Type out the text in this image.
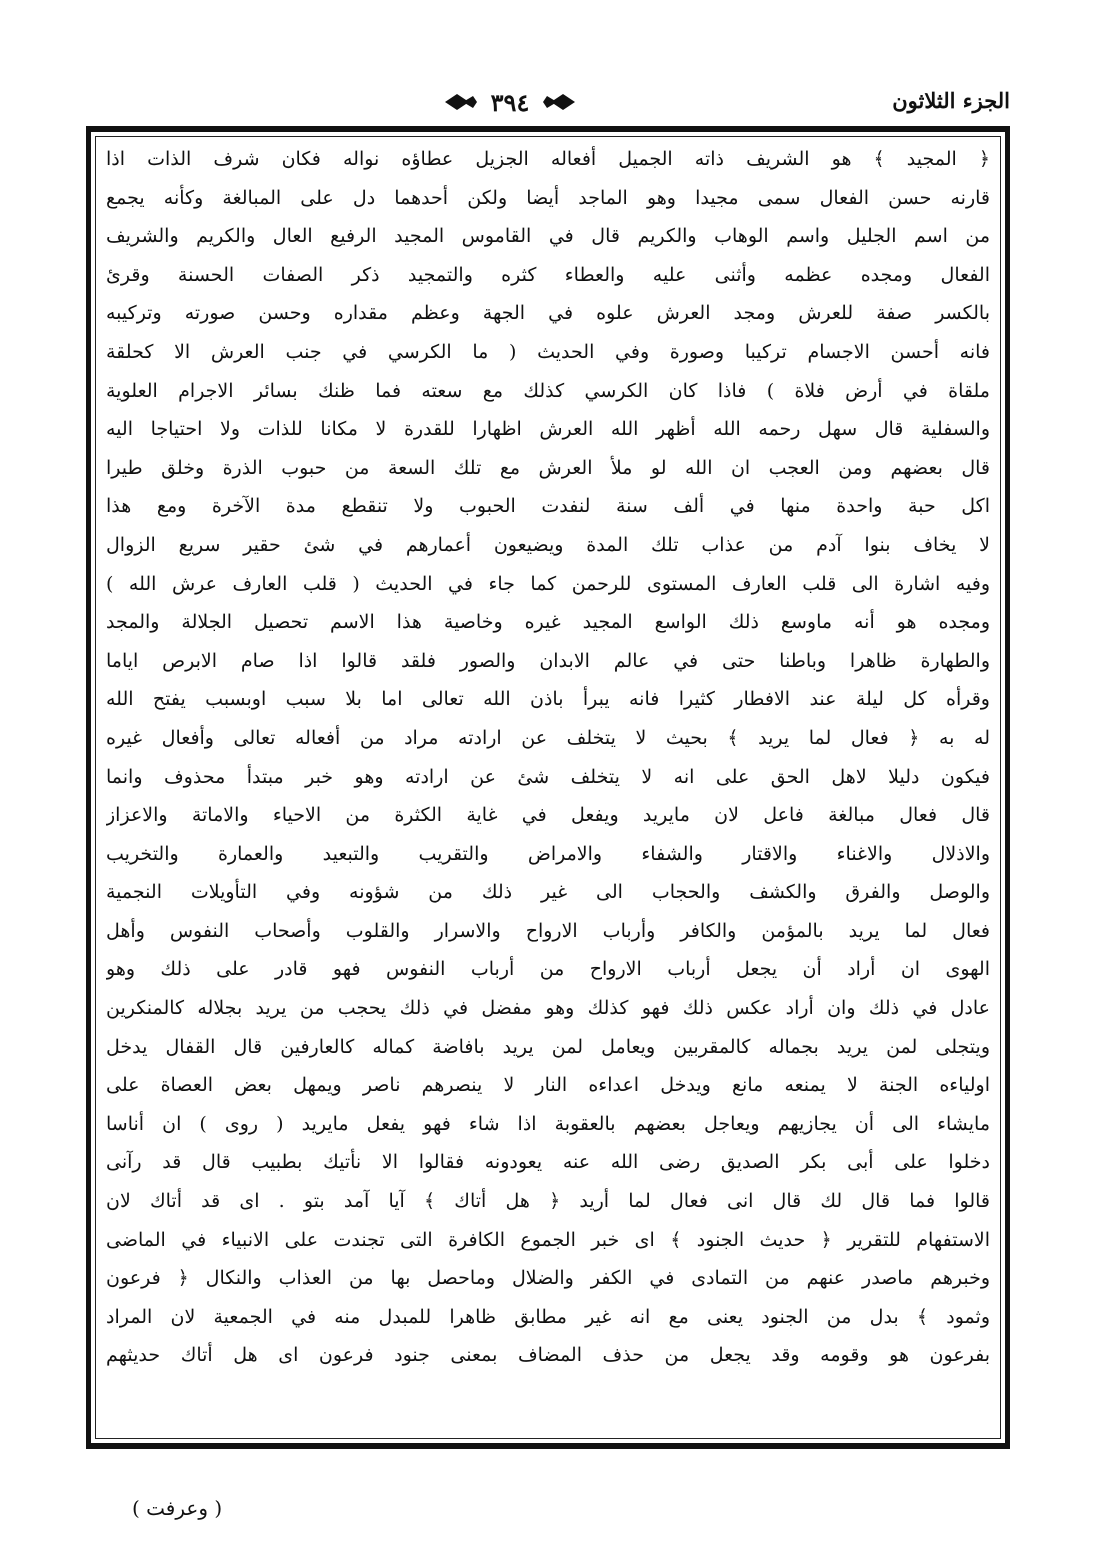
الجزء الثلاثون
٣٩٤
﴿ المجيد ﴾ هو الشريف ذاته الجميل أفعاله الجزيل عطاؤه نواله فكان شرف الذات اذا
قارنه حسن الفعال سمى مجيدا وهو الماجد أيضا ولكن أحدهما دل على المبالغة وكأنه يجمع
من اسم الجليل واسم الوهاب والكريم قال في القاموس المجيد الرفيع العال والكريم والشريف
الفعال ومجده عظمه وأثنى عليه والعطاء كثره والتمجيد ذكر الصفات الحسنة وقرئ
بالكسر صفة للعرش ومجد العرش علوه في الجهة وعظم مقداره وحسن صورته وتركيبه
فانه أحسن الاجسام تركيبا وصورة وفي الحديث ( ما الكرسي في جنب العرش الا كحلقة
ملقاة في أرض فلاة ) فاذا كان الكرسي كذلك مع سعته فما ظنك بسائر الاجرام العلوية
والسفلية قال سهل رحمه الله أظهر الله العرش اظهارا للقدرة لا مكانا للذات ولا احتياجا اليه
قال بعضهم ومن العجب ان الله لو ملأ العرش مع تلك السعة من حبوب الذرة وخلق طيرا
اكل حبة واحدة منها في ألف سنة لنفدت الحبوب ولا تنقطع مدة الآخرة ومع هذا
لا يخاف بنوا آدم من عذاب تلك المدة ويضيعون أعمارهم في شئ حقير سريع الزوال
وفيه اشارة الى قلب العارف المستوى للرحمن كما جاء في الحديث ( قلب العارف عرش الله )
ومجده هو أنه ماوسع ذلك الواسع المجيد غيره وخاصية هذا الاسم تحصيل الجلالة والمجد
والطهارة ظاهرا وباطنا حتى في عالم الابدان والصور فلقد قالوا اذا صام الابرص اياما
وقرأه كل ليلة عند الافطار كثيرا فانه يبرأ باذن الله تعالى اما بلا سبب اوبسبب يفتح الله
له به ﴿ فعال لما يريد ﴾ بحيث لا يتخلف عن ارادته مراد من أفعاله تعالى وأفعال غيره
فيكون دليلا لاهل الحق على انه لا يتخلف شئ عن ارادته وهو خبر مبتدأ محذوف وانما
قال فعال مبالغة فاعل لان مايريد ويفعل في غاية الكثرة من الاحياء والاماتة والاعزاز
والاذلال والاغناء والاقتار والشفاء والامراض والتقريب والتبعيد والعمارة والتخريب
والوصل والفرق والكشف والحجاب الى غير ذلك من شؤونه وفي التأويلات النجمية
فعال لما يريد بالمؤمن والكافر وأرباب الارواح والاسرار والقلوب وأصحاب النفوس وأهل
الهوى ان أراد أن يجعل أرباب الارواح من أرباب النفوس فهو قادر على ذلك وهو
عادل في ذلك وان أراد عكس ذلك فهو كذلك وهو مفضل في ذلك يحجب من يريد بجلاله كالمنكرين
ويتجلى لمن يريد بجماله كالمقربين ويعامل لمن يريد بافاضة كماله كالعارفين قال القفال يدخل
اولياءه الجنة لا يمنعه مانع ويدخل اعداءه النار لا ينصرهم ناصر ويمهل بعض العصاة على
مايشاء الى أن يجازيهم ويعاجل بعضهم بالعقوبة اذا شاء فهو يفعل مايريد ( روى ) ان أناسا
دخلوا على أبى بكر الصديق رضى الله عنه يعودونه فقالوا الا نأتيك بطبيب قال قد رآنى
قالوا فما قال لك قال انى فعال لما أريد ﴿ هل أتاك ﴾ آيا آمد بتو . اى قد أتاك لان
الاستفهام للتقرير ﴿ حديث الجنود ﴾ اى خبر الجموع الكافرة التى تجندت على الانبياء في الماضى
وخبرهم ماصدر عنهم من التمادى في الكفر والضلال وماحصل بها من العذاب والنكال ﴿ فرعون
وثمود ﴾ بدل من الجنود يعنى مع انه غير مطابق ظاهرا للمبدل منه في الجمعية لان المراد
بفرعون هو وقومه وقد يجعل من حذف المضاف بمعنى جنود فرعون اى هل أتاك حديثهم
( وعرفت )
